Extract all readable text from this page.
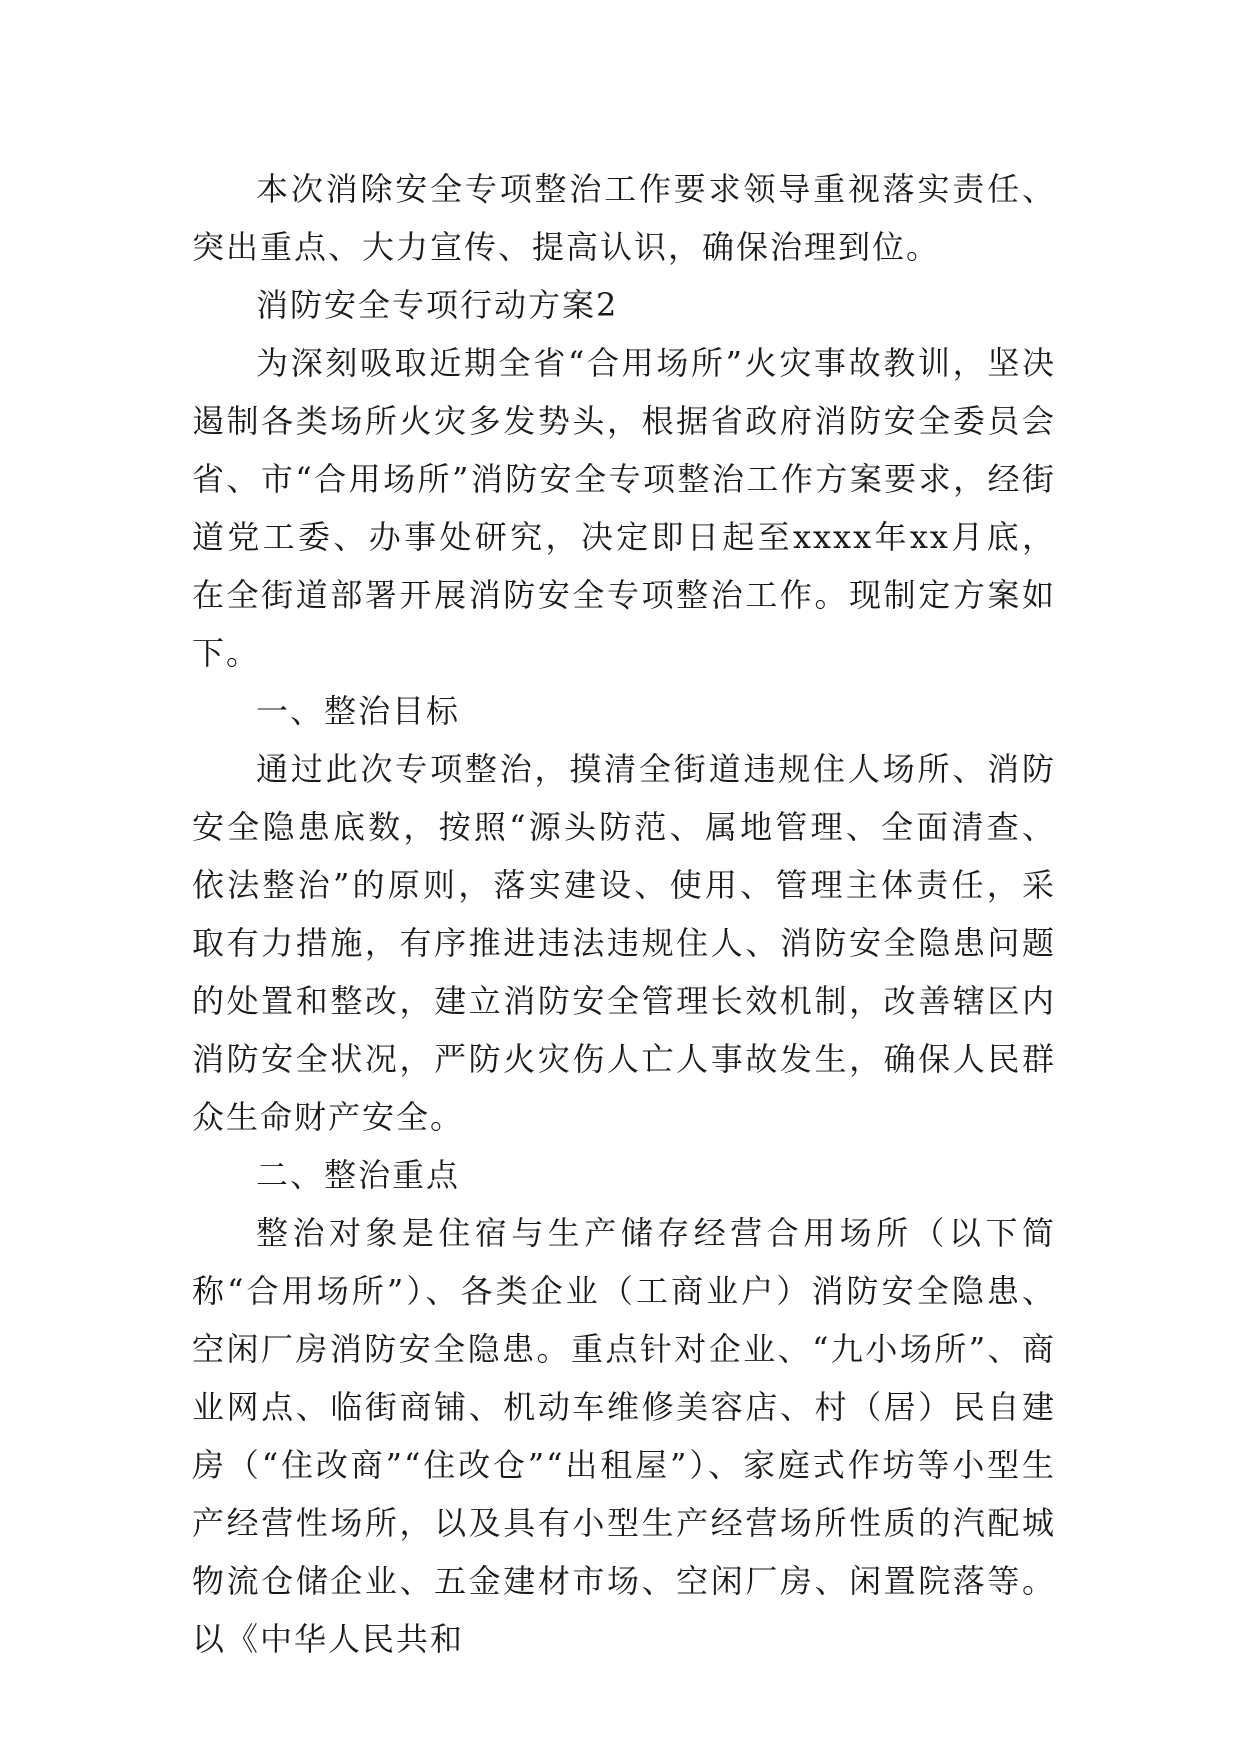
本次消除安全专项整治工作要求领导重视落实责任、突出重点、大力宣传、提高认识，确保治理到位。

消防安全专项行动方案2

为深刻吸取近期全省“合用场所”火灾事故教训，坚决遏制各类场所火灾多发势头，根据省政府消防安全委员会省、市“合用场所”消防安全专项整治工作方案要求，经街道党工委、办事处研究，决定即日起至xxxx年xx月底，在全街道部署开展消防安全专项整治工作。现制定方案如下。

一、整治目标

通过此次专项整治，摸清全街道违规住人场所、消防安全隐患底数，按照“源头防范、属地管理、全面清查、依法整治”的原则，落实建设、使用、管理主体责任，采取有力措施，有序推进违法违规住人、消防安全隐患问题的处置和整改，建立消防安全管理长效机制，改善辖区内消防安全状况，严防火灾伤人亡人事故发生，确保人民群众生命财产安全。

二、整治重点

整治对象是住宿与生产储存经营合用场所（以下简称“合用场所”）、各类企业（工商业户）消防安全隐患、空闲厂房消防安全隐患。重点针对企业、“九小场所”、商业网点、临街商铺、机动车维修美容店、村（居）民自建房（“住改商”“住改仓”“出租屋”）、家庭式作坊等小型生产经营性场所，以及具有小型生产经营场所性质的汽配城物流仓储企业、五金建材市场、空闲厂房、闲置院落等。以《中华人民共和
